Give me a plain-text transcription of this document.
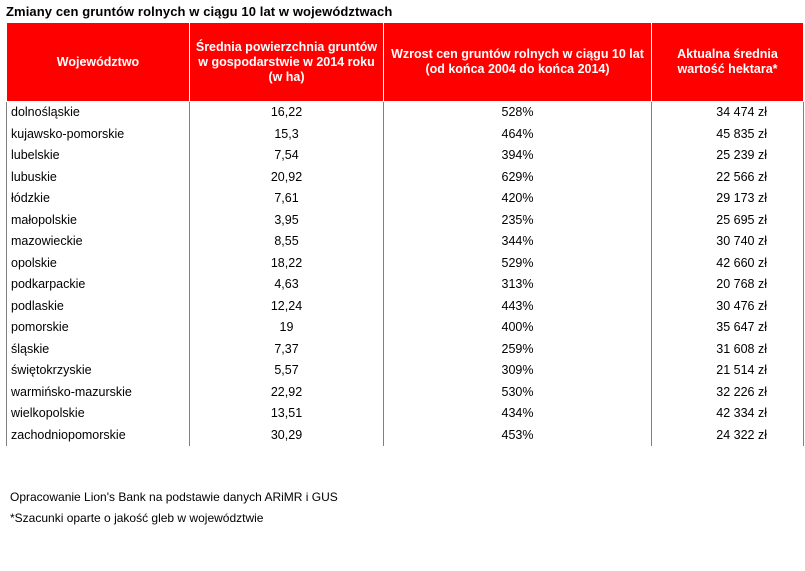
Zmiany cen gruntów rolnych w ciągu 10 lat w województwach
Województwo	Średnia powierzchnia gruntów w gospodarstwie w 2014 roku (w ha)	Wzrost cen gruntów rolnych w ciągu 10 lat (od końca 2004 do końca 2014)	Aktualna średnia wartość hektara*
dolnośląskie	16,22	528%	34 474 zł
kujawsko-pomorskie	15,3	464%	45 835 zł
lubelskie	7,54	394%	25 239 zł
lubuskie	20,92	629%	22 566 zł
łódzkie	7,61	420%	29 173 zł
małopolskie	3,95	235%	25 695 zł
mazowieckie	8,55	344%	30 740 zł
opolskie	18,22	529%	42 660 zł
podkarpackie	4,63	313%	20 768 zł
podlaskie	12,24	443%	30 476 zł
pomorskie	19	400%	35 647 zł
śląskie	7,37	259%	31 608 zł
świętokrzyskie	5,57	309%	21 514 zł
warmińsko-mazurskie	22,92	530%	32 226 zł
wielkopolskie	13,51	434%	42 334 zł
zachodniopomorskie	30,29	453%	24 322 zł
Opracowanie Lion's Bank na podstawie danych ARiMR i GUS
*Szacunki oparte o jakość gleb w województwie
